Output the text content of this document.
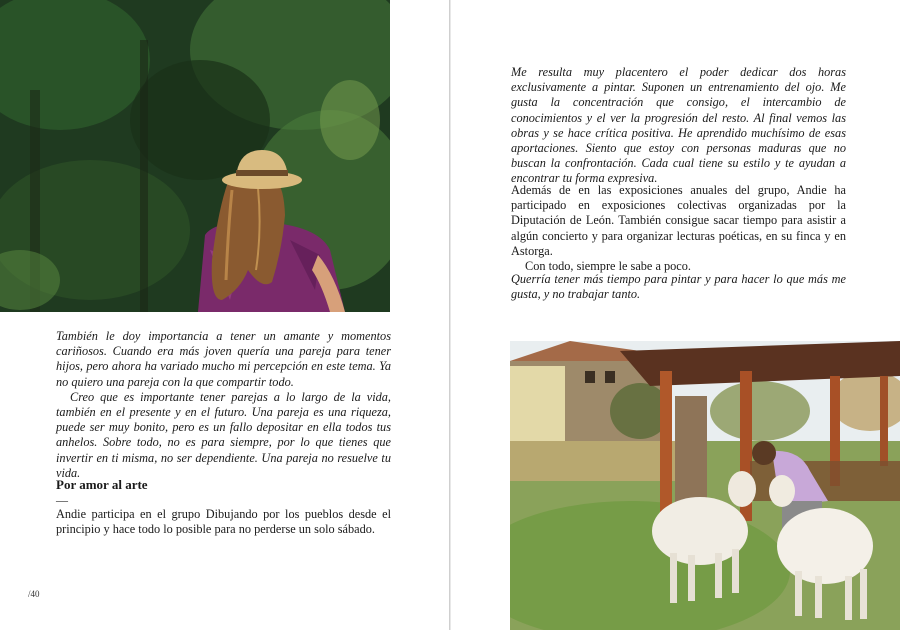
También le doy importancia a tener un amante y momentos cariñosos. Cuando era más joven quería una pareja para tener hijos, pero ahora ha variado mucho mi percepción en este tema. Ya no quiero una pareja con la que compartir todo.

Creo que es importante tener parejas a lo largo de la vida, también en el presente y en el futuro. Una pareja es una riqueza, puede ser muy bonito, pero es un fallo depositar en ella todos tus anhelos. Sobre todo, no es para siempre, por lo que tienes que invertir en ti misma, no ser dependiente. Una pareja no resuelve tu vida.

Por amor al arte
—

Andie participa en el grupo Dibujando por los pueblos desde el principio y hace todo lo posible para no perderse un solo sábado.

/40

Me resulta muy placentero el poder dedicar dos horas exclusivamente a pintar. Suponen un entrenamiento del ojo. Me gusta la concentración que consigo, el intercambio de conocimientos y el ver la progresión del resto. Al final vemos las obras y se hace crítica positiva. He aprendido muchísimo de esas aportaciones. Siento que estoy con personas maduras que no buscan la confrontación. Cada cual tiene su estilo y te ayudan a encontrar tu forma expresiva.

Además de en las exposiciones anuales del grupo, Andie ha participado en exposiciones colectivas organizadas por la Diputación de León. También consigue sacar tiempo para asistir a algún concierto y para organizar lecturas poéticas, en su finca y en Astorga.

Con todo, siempre le sabe a poco.

Querría tener más tiempo para pintar y para hacer lo que más me gusta, y no trabajar tanto.
